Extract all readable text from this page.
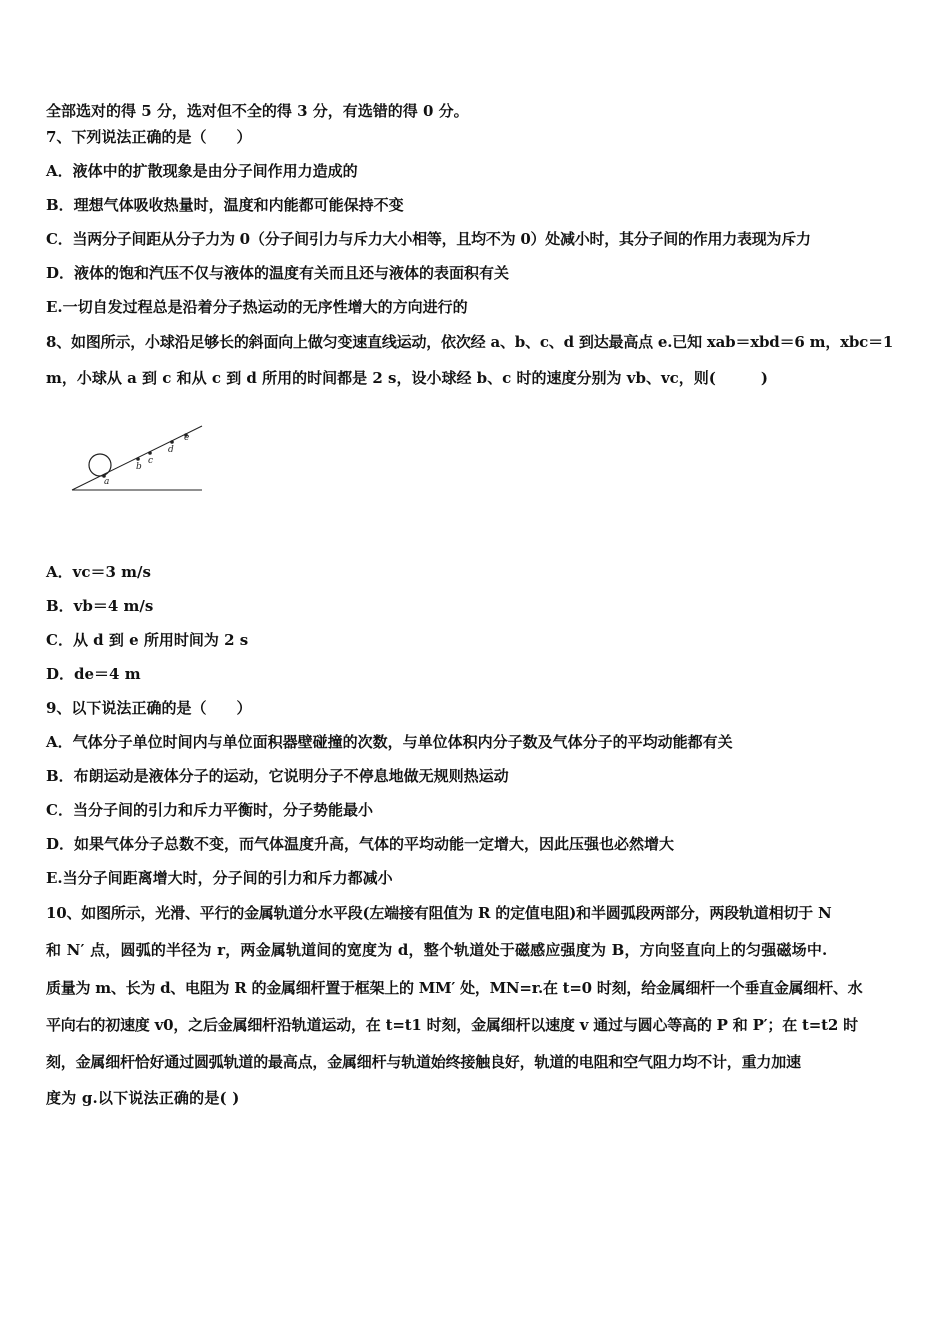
全部选对的得 5 分，选对但不全的得 3 分，有选错的得 0 分。
7、下列说法正确的是（　　）
A．液体中的扩散现象是由分子间作用力造成的
B．理想气体吸收热量时，温度和内能都可能保持不变
C．当两分子间距从分子力为 0（分子间引力与斥力大小相等，且均不为 0）处减小时，其分子间的作用力表现为斥力
D．液体的饱和汽压不仅与液体的温度有关而且还与液体的表面积有关
E.一切自发过程总是沿着分子热运动的无序性增大的方向进行的
8、如图所示，小球沿足够长的斜面向上做匀变速直线运动，依次经 a、b、c、d 到达最高点 e.已知 xab＝xbd＝6 m，xbc＝1
m，小球从 a 到 c 和从 c 到 d 所用的时间都是 2 s，设小球经 b、c 时的速度分别为 vb、vc，则(　　　)
a
b
c
d
e
A．vc＝3 m/s
B．vb＝4 m/s
C．从 d 到 e 所用时间为 2 s
D．de＝4 m
9、以下说法正确的是（　　）
A．气体分子单位时间内与单位面积器壁碰撞的次数，与单位体积内分子数及气体分子的平均动能都有关
B．布朗运动是液体分子的运动，它说明分子不停息地做无规则热运动
C．当分子间的引力和斥力平衡时，分子势能最小
D．如果气体分子总数不变，而气体温度升高，气体的平均动能一定增大，因此压强也必然增大
E.当分子间距离增大时，分子间的引力和斥力都减小
10、如图所示，光滑、平行的金属轨道分水平段(左端接有阻值为 R 的定值电阻)和半圆弧段两部分，两段轨道相切于 N
和 N′ 点，圆弧的半径为 r，两金属轨道间的宽度为 d，整个轨道处于磁感应强度为 B，方向竖直向上的匀强磁场中.
质量为 m、长为 d、电阻为 R 的金属细杆置于框架上的 MM′ 处，MN=r.在 t=0 时刻，给金属细杆一个垂直金属细杆、水
平向右的初速度 v0，之后金属细杆沿轨道运动，在 t=t1 时刻，金属细杆以速度 v 通过与圆心等高的 P 和 P′；在 t=t2 时
刻，金属细杆恰好通过圆弧轨道的最高点，金属细杆与轨道始终接触良好，轨道的电阻和空气阻力均不计，重力加速
度为 g.以下说法正确的是( )
